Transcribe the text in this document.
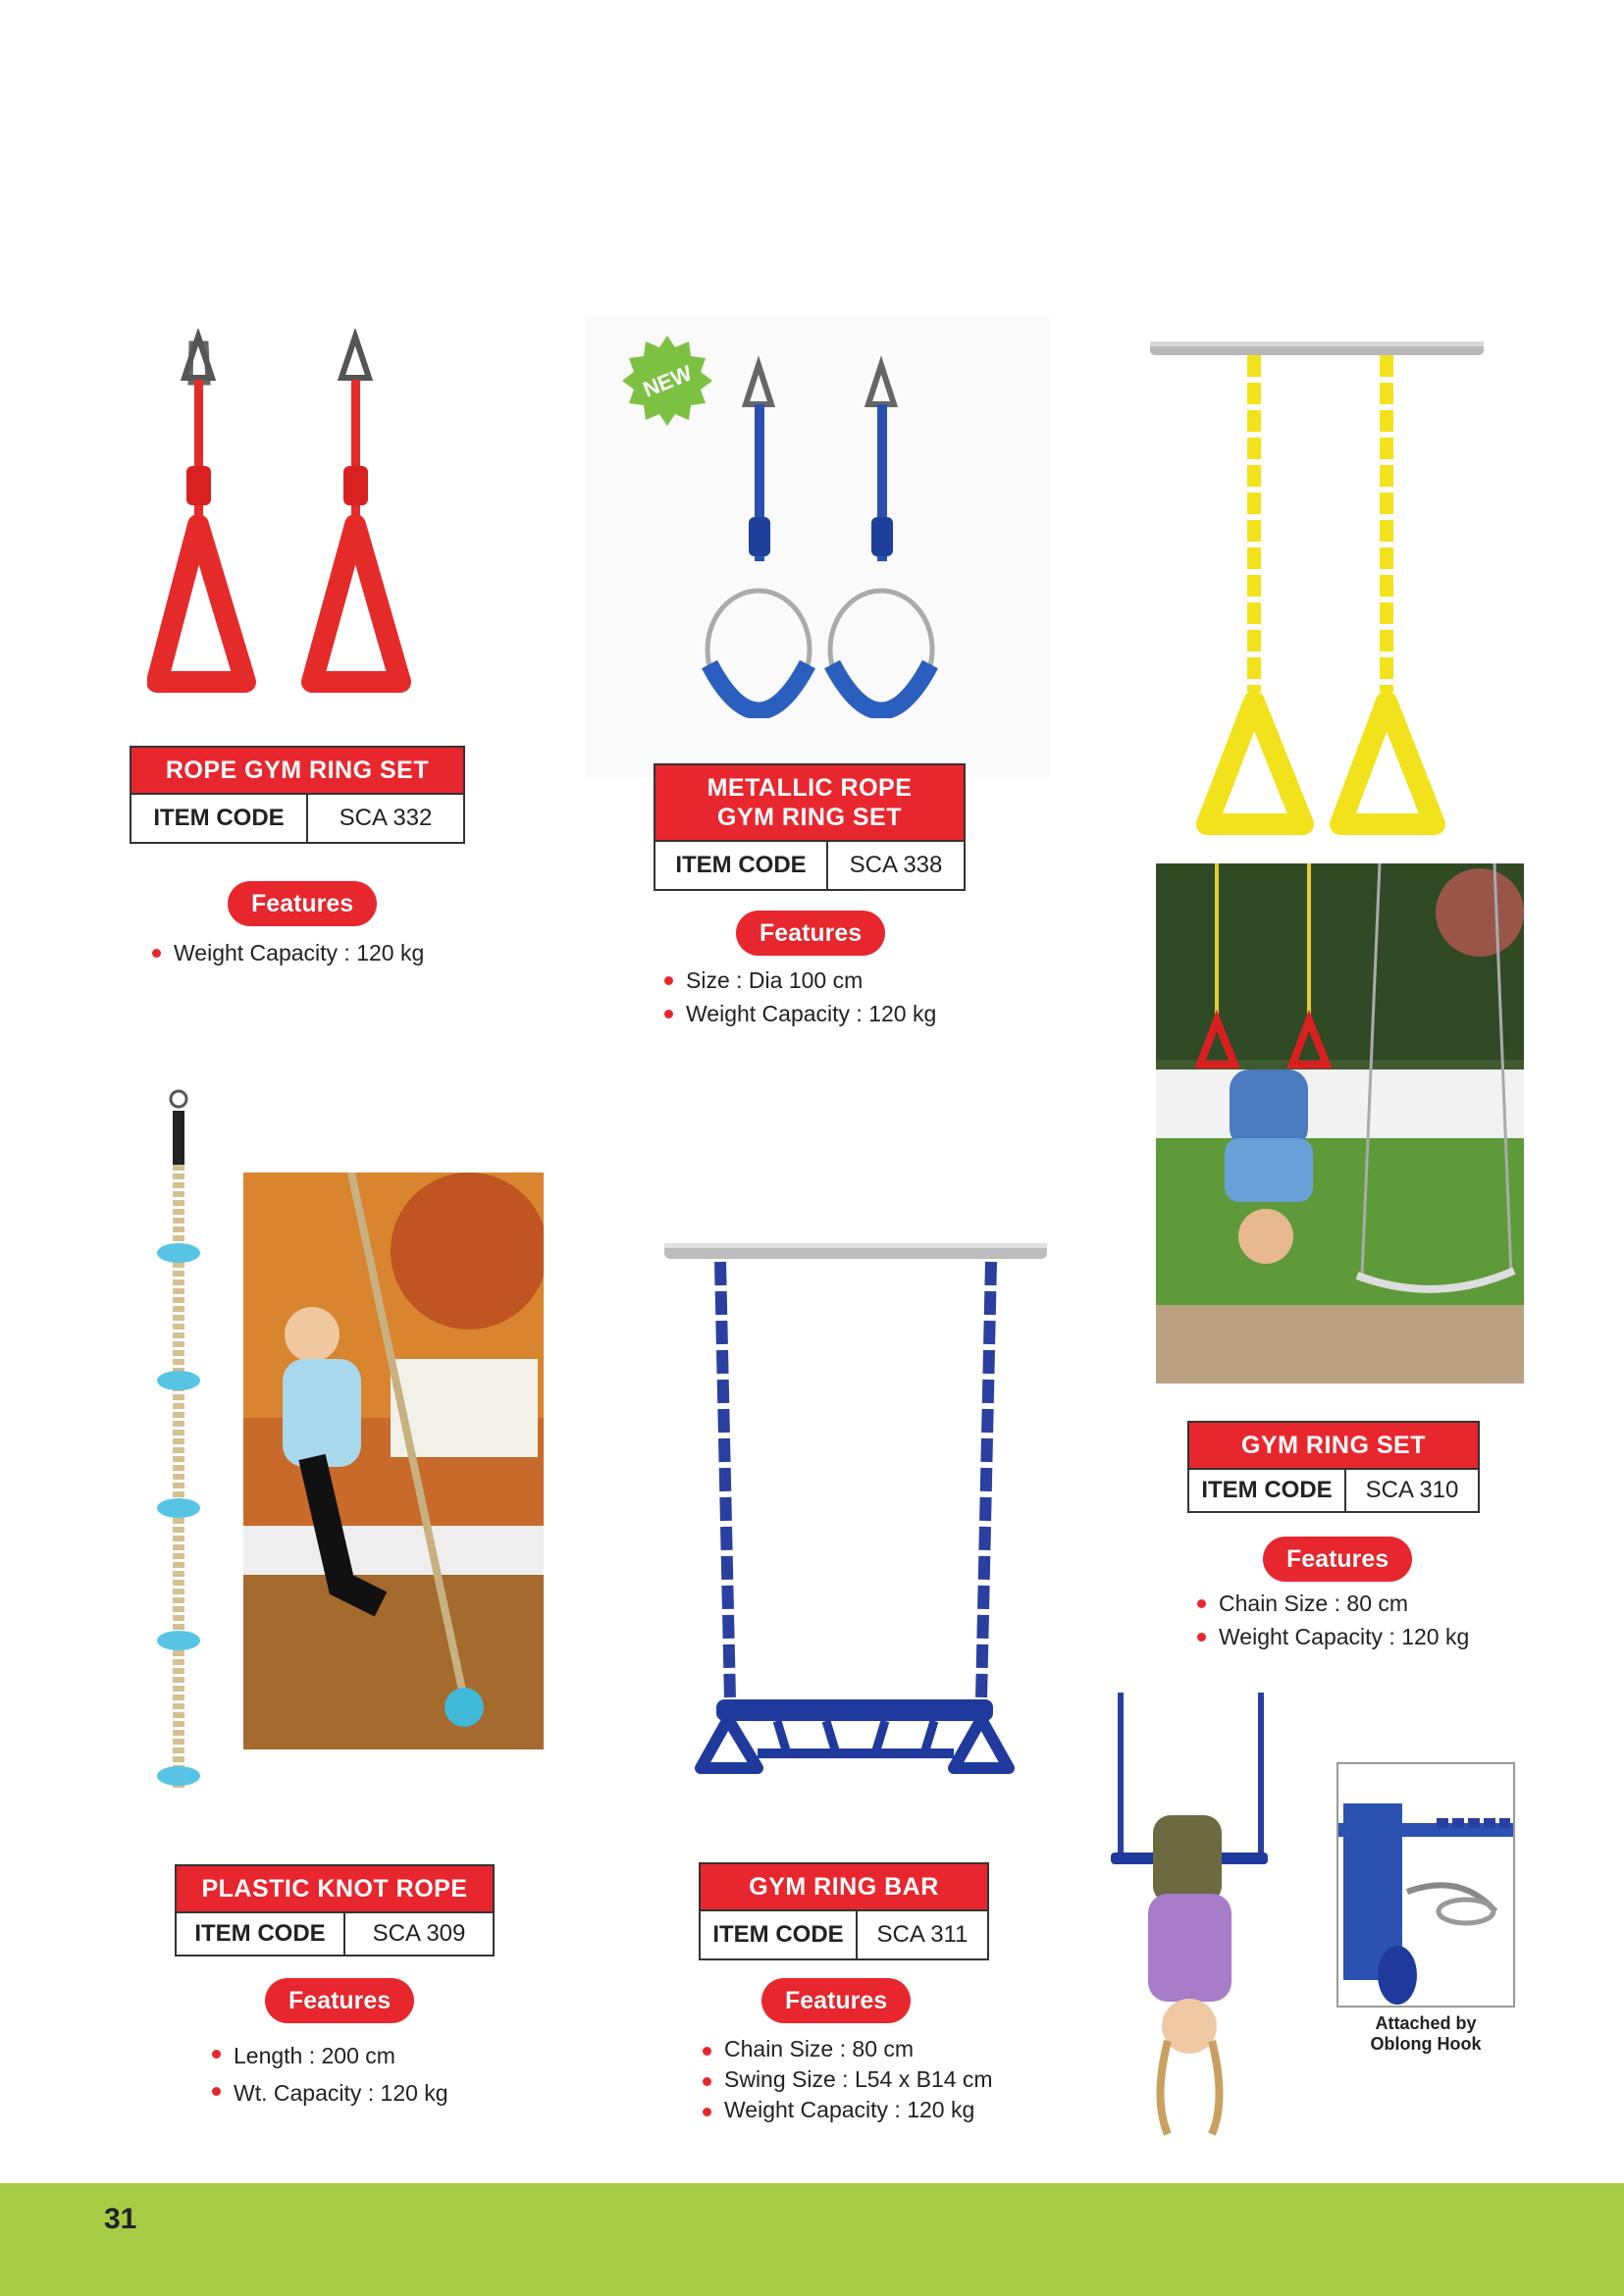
ROPE GYM RING SET
ITEM CODE	SCA 332
Features
Weight Capacity : 120 kg
NEW
METALLIC ROPE
GYM RING SET
ITEM CODE	SCA 338
Features
Size : Dia 100 cm
Weight Capacity : 120 kg
GYM RING SET
ITEM CODE	SCA 310
Features
Chain Size : 80 cm
Weight Capacity : 120 kg
PLASTIC KNOT ROPE
ITEM CODE	SCA 309
Features
Length : 200 cm
Wt. Capacity : 120 kg
GYM RING BAR
ITEM CODE	SCA 311
Features
Chain Size : 80 cm
Swing Size : L54 x B14 cm
Weight Capacity : 120 kg
Attached by
Oblong Hook
31
